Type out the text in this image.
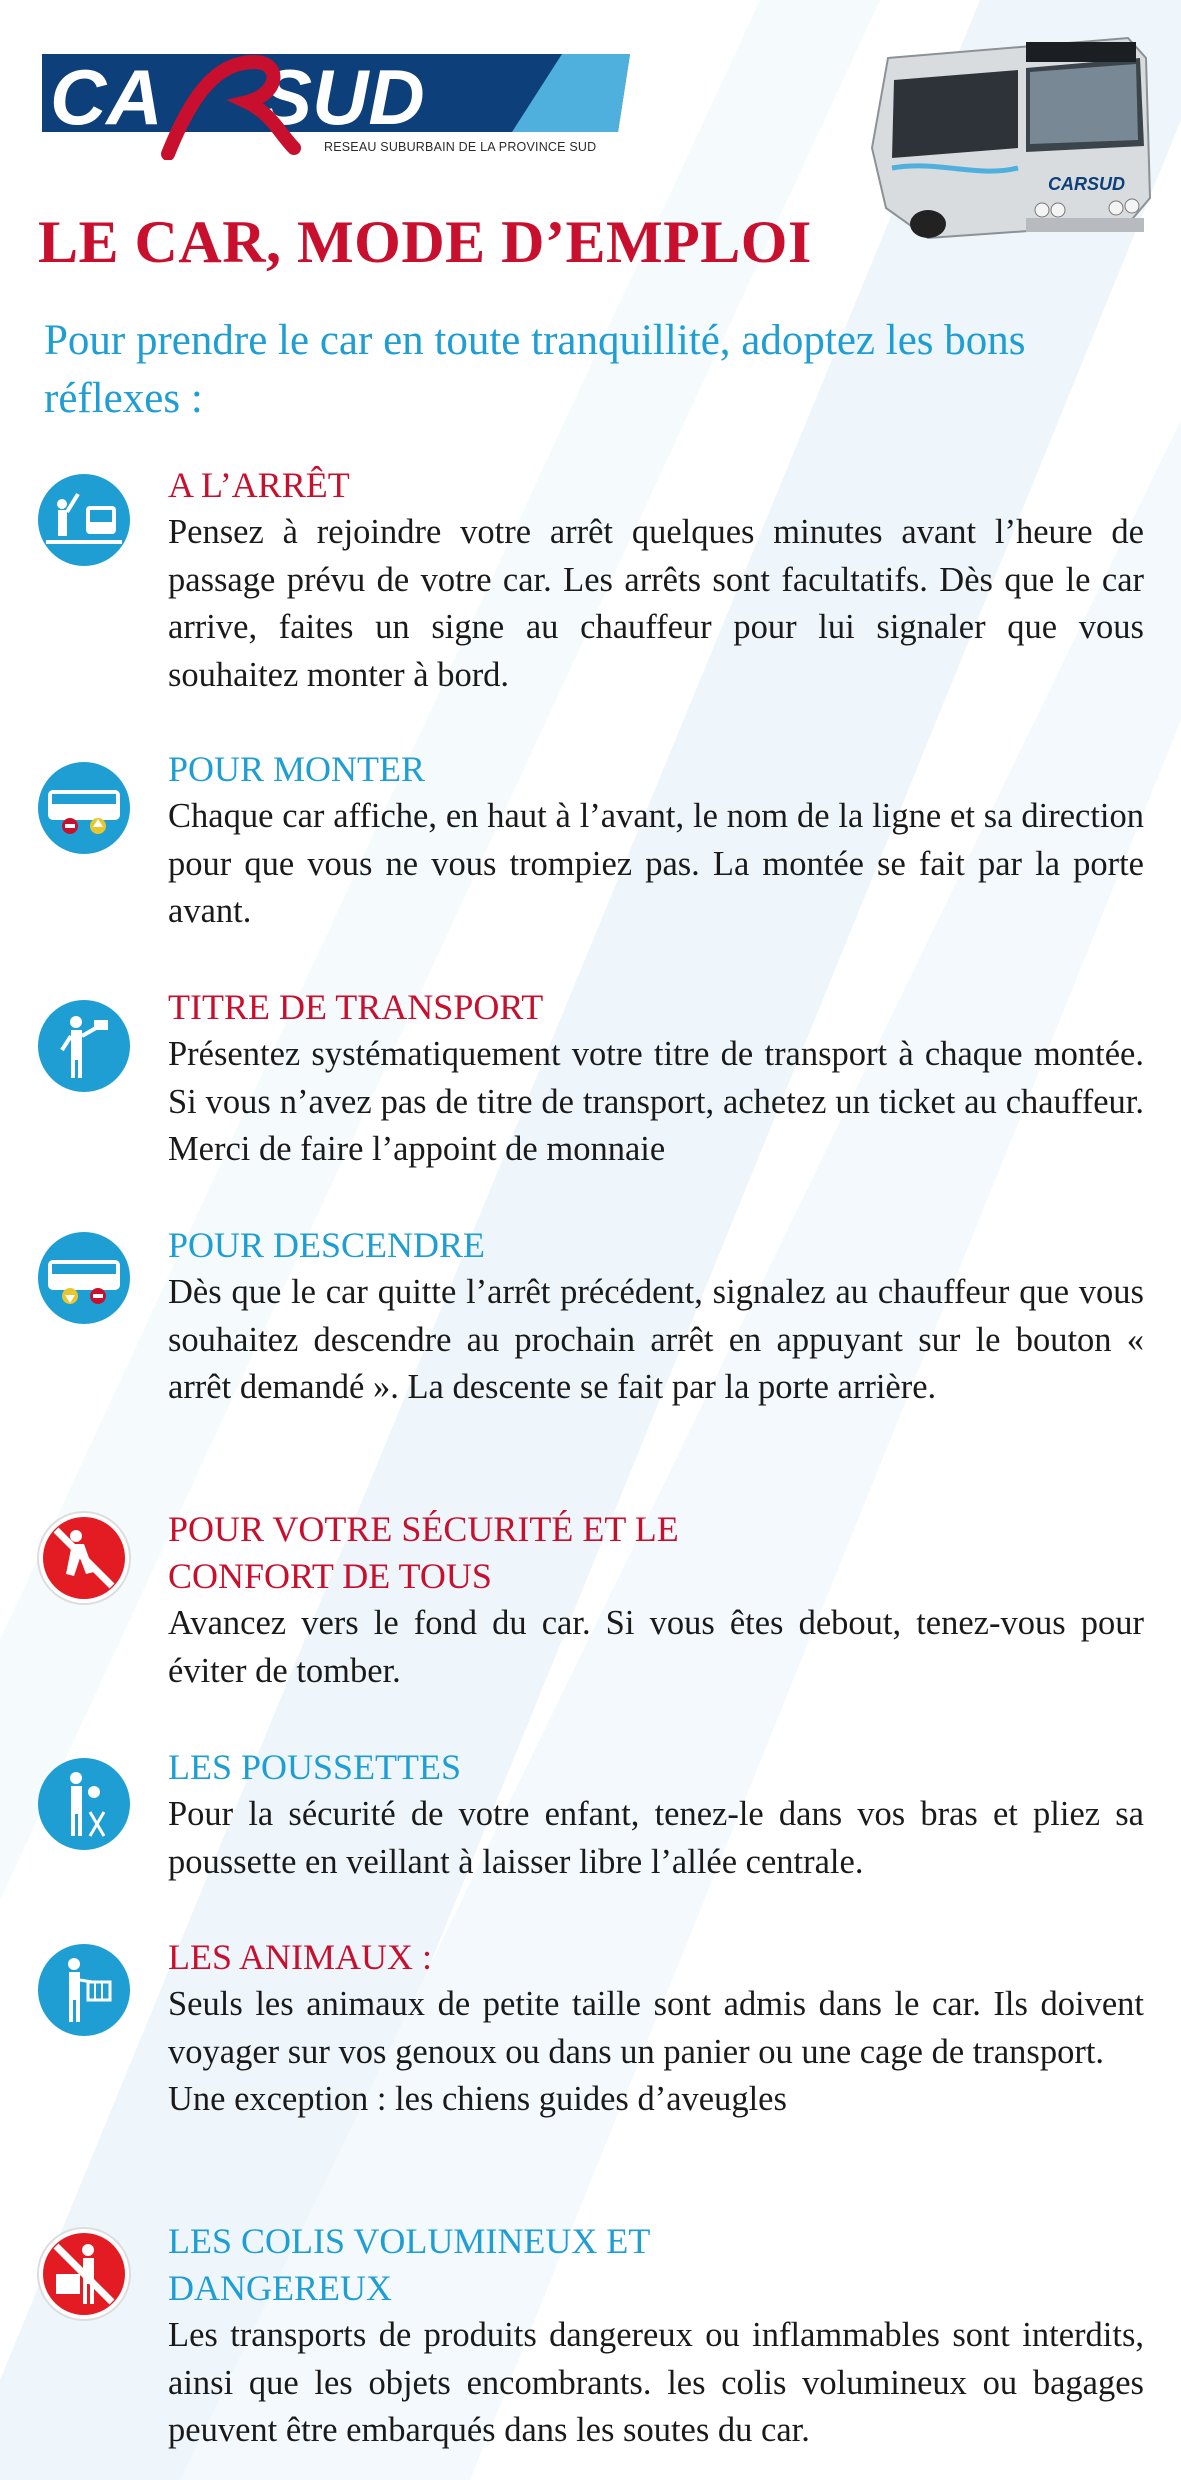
CA SUD
RESEAU SUBURBAIN DE LA PROVINCE SUD
CARSUD
LE CAR, MODE D’EMPLOI

Pour prendre le car en toute tranquillité, adoptez les bons réflexes :

A L’ARRÊT

Pensez à rejoindre votre arrêt quelques minutes avant l’heure de passage prévu de votre car. Les arrêts sont facultatifs. Dès que le car arrive, faites un signe au chauffeur pour lui signaler que vous souhaitez monter à bord.

POUR MONTER

Chaque car affiche, en haut à l’avant, le nom de la ligne et sa direction pour que vous ne vous trompiez pas. La montée se fait par la porte avant.

TITRE DE TRANSPORT

Présentez systématiquement votre titre de transport à chaque montée. Si vous n’avez pas de titre de transport, achetez un ticket au chauffeur. Merci de faire l’appoint de monnaie

POUR DESCENDRE

Dès que le car quitte l’arrêt précédent, signalez au chauffeur que vous souhaitez descendre au prochain arrêt en appuyant sur le bouton « arrêt demandé ». La descente se fait par la porte arrière.

POUR VOTRE SÉCURITÉ ET LE CONFORT DE TOUS

Avancez vers le fond du car. Si vous êtes debout, tenez-vous pour éviter de tomber.

LES POUSSETTES

Pour la sécurité de votre enfant, tenez-le dans vos bras et pliez sa poussette en veillant à laisser libre l’allée centrale.

LES ANIMAUX :

Seuls les animaux de petite taille sont admis dans le car. Ils doivent voyager sur vos genoux ou dans un panier ou une cage de transport.

Une exception : les chiens guides d’aveugles

LES COLIS VOLUMINEUX ET DANGEREUX

Les transports de produits dangereux ou inflammables sont interdits, ainsi que les objets encombrants. les colis volumineux ou bagages peuvent être embarqués dans les soutes du car.
